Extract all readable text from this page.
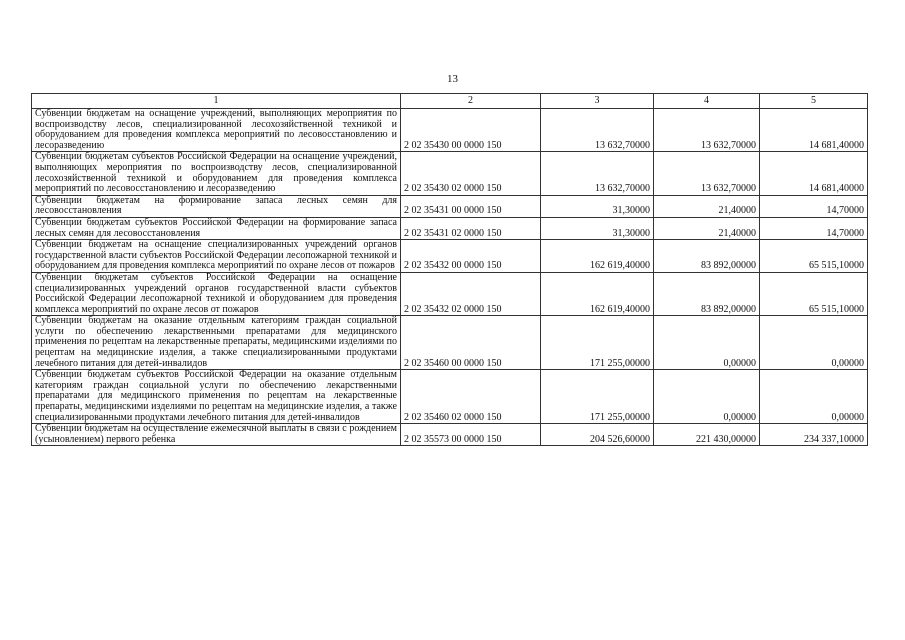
13
1	2	3	4	5
Субвенции бюджетам на оснащение учреждений, выполняющих мероприятия по воспроизводству лесов, специализированной лесохозяйственной техникой и оборудованием для проведения комплекса мероприятий по лесовосстановлению и лесоразведению	2 02 35430 00 0000 150	13 632,70000	13 632,70000	14 681,40000
Субвенции бюджетам субъектов Российской Федерации на оснащение учреждений, выполняющих мероприятия по воспроизводству лесов, специализированной лесохозяйственной техникой и оборудованием для проведения комплекса мероприятий по лесовосстановлению и лесоразведению	2 02 35430 02 0000 150	13 632,70000	13 632,70000	14 681,40000
Субвенции бюджетам на формирование запаса лесных семян для лесовосстановления	2 02 35431 00 0000 150	31,30000	21,40000	14,70000
Субвенции бюджетам субъектов Российской Федерации на формирование запаса лесных семян для лесовосстановления	2 02 35431 02 0000 150	31,30000	21,40000	14,70000
Субвенции бюджетам на оснащение специализированных учреждений органов государственной власти субъектов Российской Федерации лесопожарной техникой и оборудованием для проведения комплекса мероприятий по охране лесов от пожаров	2 02 35432 00 0000 150	162 619,40000	83 892,00000	65 515,10000
Субвенции бюджетам субъектов Российской Федерации на оснащение специализированных учреждений органов государственной власти субъектов Российской Федерации лесопожарной техникой и оборудованием для проведения комплекса мероприятий по охране лесов от пожаров	2 02 35432 02 0000 150	162 619,40000	83 892,00000	65 515,10000
Субвенции бюджетам на оказание отдельным категориям граждан социальной услуги по обеспечению лекарственными препаратами для медицинского применения по рецептам на лекарственные препараты, медицинскими изделиями по рецептам на медицинские изделия, а также специализированными продуктами лечебного питания для детей-инвалидов	2 02 35460 00 0000 150	171 255,00000	0,00000	0,00000
Субвенции бюджетам субъектов Российской Федерации на оказание отдельным категориям граждан социальной услуги по обеспечению лекарственными препаратами для медицинского применения по рецептам на лекарственные препараты, медицинскими изделиями по рецептам на медицинские изделия, а также специализированными продуктами лечебного питания для детей-инвалидов	2 02 35460 02 0000 150	171 255,00000	0,00000	0,00000
Субвенции бюджетам на осуществление ежемесячной выплаты в связи с рождением (усыновлением) первого ребенка	2 02 35573 00 0000 150	204 526,60000	221 430,00000	234 337,10000
